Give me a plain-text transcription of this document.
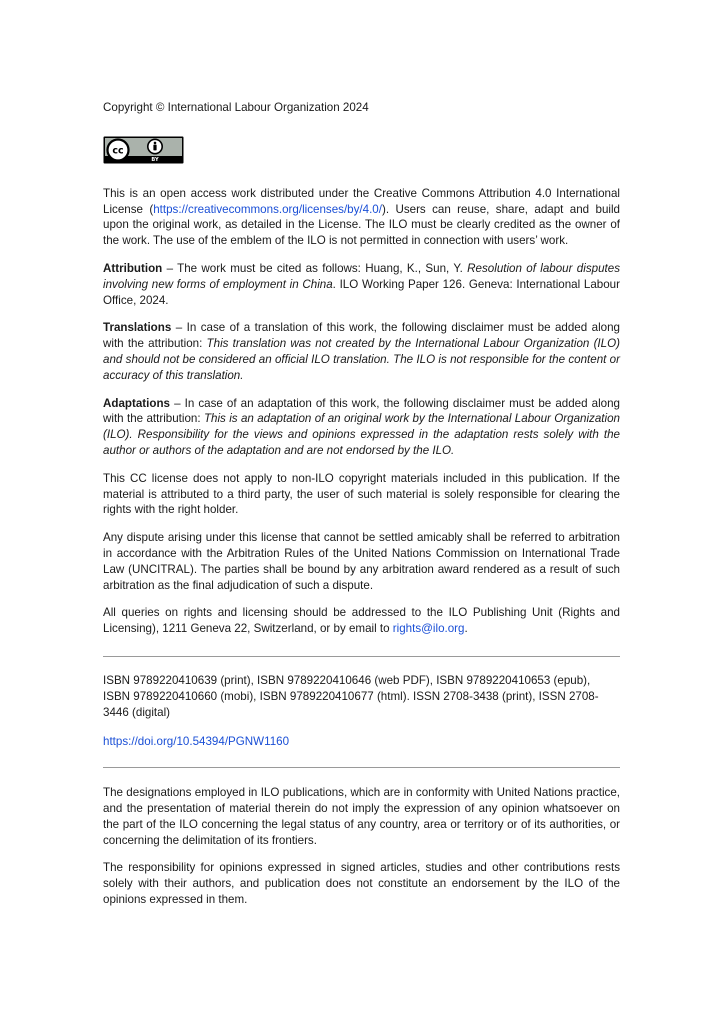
Copyright © International Labour Organization 2024

cc
BY

This is an open access work distributed under the Creative Commons Attribution 4.0 International License (https://creativecommons.org/licenses/by/4.0/). Users can reuse, share, adapt and build upon the original work, as detailed in the License. The ILO must be clearly credited as the owner of the work. The use of the emblem of the ILO is not permitted in connection with users’ work.

Attribution – The work must be cited as follows: Huang, K., Sun, Y. Resolution of labour disputes involving new forms of employment in China. ILO Working Paper 126. Geneva: International Labour Office, 2024.

Translations – In case of a translation of this work, the following disclaimer must be added along with the attribution: This translation was not created by the International Labour Organization (ILO) and should not be considered an official ILO translation. The ILO is not responsible for the content or accuracy of this translation.

Adaptations – In case of an adaptation of this work, the following disclaimer must be added along with the attribution: This is an adaptation of an original work by the International Labour Organization (ILO). Responsibility for the views and opinions expressed in the adaptation rests solely with the author or authors of the adaptation and are not endorsed by the ILO.

This CC license does not apply to non-ILO copyright materials included in this publication. If the material is attributed to a third party, the user of such material is solely responsible for clearing the rights with the right holder.

Any dispute arising under this license that cannot be settled amicably shall be referred to arbitration in accordance with the Arbitration Rules of the United Nations Commission on International Trade Law (UNCITRAL). The parties shall be bound by any arbitration award rendered as a result of such arbitration as the final adjudication of such a dispute.

All queries on rights and licensing should be addressed to the ILO Publishing Unit (Rights and Licensing), 1211 Geneva 22, Switzerland, or by email to rights@ilo.org.

ISBN 9789220410639 (print), ISBN 9789220410646 (web PDF), ISBN 9789220410653 (epub), ISBN 9789220410660 (mobi), ISBN 9789220410677 (html). ISSN 2708-3438 (print), ISSN 2708-3446 (digital)

https://doi.org/10.54394/PGNW1160

The designations employed in ILO publications, which are in conformity with United Nations practice, and the presentation of material therein do not imply the expression of any opinion whatsoever on the part of the ILO concerning the legal status of any country, area or territory or of its authorities, or concerning the delimitation of its frontiers.

The responsibility for opinions expressed in signed articles, studies and other contributions rests solely with their authors, and publication does not constitute an endorsement by the ILO of the opinions expressed in them.
